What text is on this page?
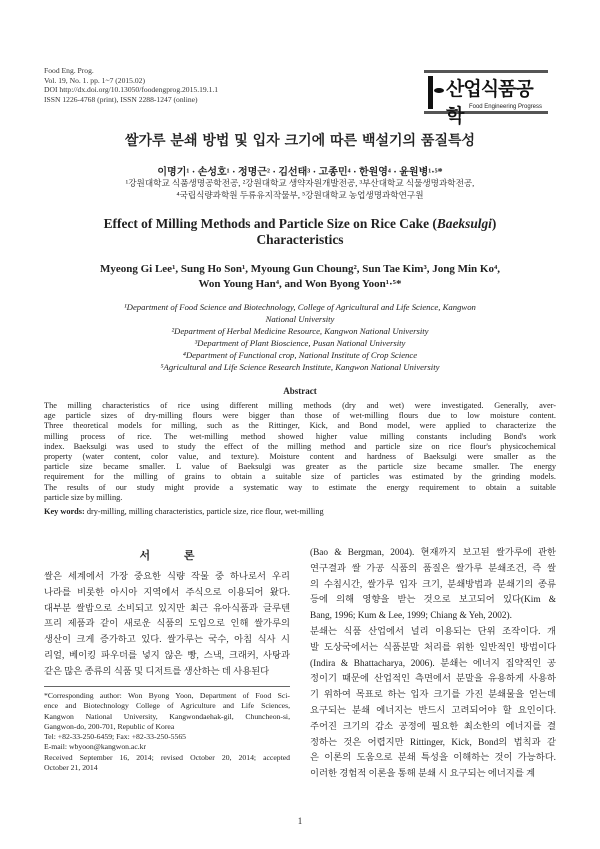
Food Eng. Prog.
Vol. 19, No. 1. pp. 1~7 (2015.02)
DOI http://dx.doi.org/10.13050/foodengprog.2015.19.1.1
ISSN 1226-4768 (print), ISSN 2288-1247 (online)	산업식품공학 Food Engineering Progress
쌀가루 분쇄 방법 및 입자 크기에 따른 백설기의 품질특성
이명기¹ · 손성호¹ · 정명근² · 김선태³ · 고종민⁴ · 한원영⁴ · 윤원병¹·⁵*
¹강원대학교 식품생명공학전공, ²강원대학교 생약자원개발전공, ³부산대학교 식물생명과학전공,
⁴국립식량과학원 두류유지작물부, ⁵강원대학교 농업생명과학연구원
Effect of Milling Methods and Particle Size on Rice Cake (Baeksulgi)
Characteristics
Myeong Gi Lee¹, Sung Ho Son¹, Myoung Gun Choung², Sun Tae Kim³, Jong Min Ko⁴,
Won Young Han⁴, and Won Byong Yoon¹·⁵*
¹Department of Food Science and Biotechnology, College of Agricultural and Life Science, Kangwon
National University
²Department of Herbal Medicine Resource, Kangwon National University
³Department of Plant Bioscience, Pusan National University
⁴Department of Functional crop, National Institute of Crop Science
⁵Agricultural and Life Science Research Institute, Kangwon National University
Abstract
The milling characteristics of rice using different milling methods (dry and wet) were investigated. Generally, aver-
age particle sizes of dry-milling flours were bigger than those of wet-milling flours due to low moisture content.
Three theoretical models for milling, such as the Rittinger, Kick, and Bond model, were applied to characterize the
milling process of rice. The wet-milling method showed higher value milling constants including Bond's work
index. Baeksulgi was used to study the effect of the milling method and particle size on rice flour's physicochemical
property (water content, color value, and texture). Moisture content and hardness of Baeksulgi were smaller as the
particle size became smaller. L value of Baeksulgi was greater as the particle size became smaller. The energy
requirement for the milling of grains to obtain a suitable size of particles was estimated by the grinding models.
The results of our study might provide a systematic way to estimate the energy requirement to obtain a suitable
particle size by milling.
Key words: dry-milling, milling characteristics, particle size, rice flour, wet-milling
서 론
쌀은 세계에서 가장 중요한 식량 작물 중 하나로서 우리
나라를 비롯한 아시아 지역에서 주식으로 이용되어 왔다.
대부분 쌀밥으로 소비되고 있지만 최근 유아식품과 글루텐
프리 제품과 같이 새로운 식품의 도입으로 인해 쌀가루의
생산이 크게 증가하고 있다. 쌀가루는 국수, 아침 식사 시
리얼, 베이킹 파우더를 넣지 않은 빵, 스낵, 크래커, 사탕과
같은 많은 종류의 식품 및 디저트를 생산하는 데 사용된다
(Bao & Bergman, 2004). 현재까지 보고된 쌀가루에 관한
연구결과 쌀 가공 식품의 품질은 쌀가루 분쇄조건, 즉 쌀
의 수침시간, 쌀가루 입자 크기, 분쇄방법과 분쇄기의 종류
등에 의해 영향을 받는 것으로 보고되어 있다(Kim &
Bang, 1996; Kum & Lee, 1999; Chiang & Yeh, 2002).
분쇄는 식품 산업에서 널리 이용되는 단위 조작이다. 개
발 도상국에서는 식품분말 처리를 위한 일반적인 방법이다
(Indira & Bhattacharya, 2006). 분쇄는 에너지 집약적인 공
정이기 때문에 산업적인 측면에서 분말을 유용하게 사용하
기 위하여 목표로 하는 입자 크기를 가진 분쇄물을 얻는데
요구되는 분쇄 에너지는 반드시 고려되어야 할 요인이다.
주어진 크기의 감소 공정에 필요한 최소한의 에너지를 결
정하는 것은 어렵지만 Rittinger, Kick, Bond의 법칙과 같
은 이론의 도움으로 분쇄 특성을 이해하는 것이 가능하다.
이러한 경험적 이론을 통해 분쇄 시 요구되는 에너지를 계
*Corresponding author: Won Byong Yoon, Department of Food Sci-
ence and Biotechnology College of Agriculture and Life Sciences,
Kangwon National University, Kangwondaehak-gil, Chuncheon-si,
Gangwon-do, 200-701, Republic of Korea
Tel: +82-33-250-6459; Fax: +82-33-250-5565
E-mail: wbyoon@kangwon.ac.kr
Received September 16, 2014; revised October 20, 2014; accepted
October 21, 2014
1
